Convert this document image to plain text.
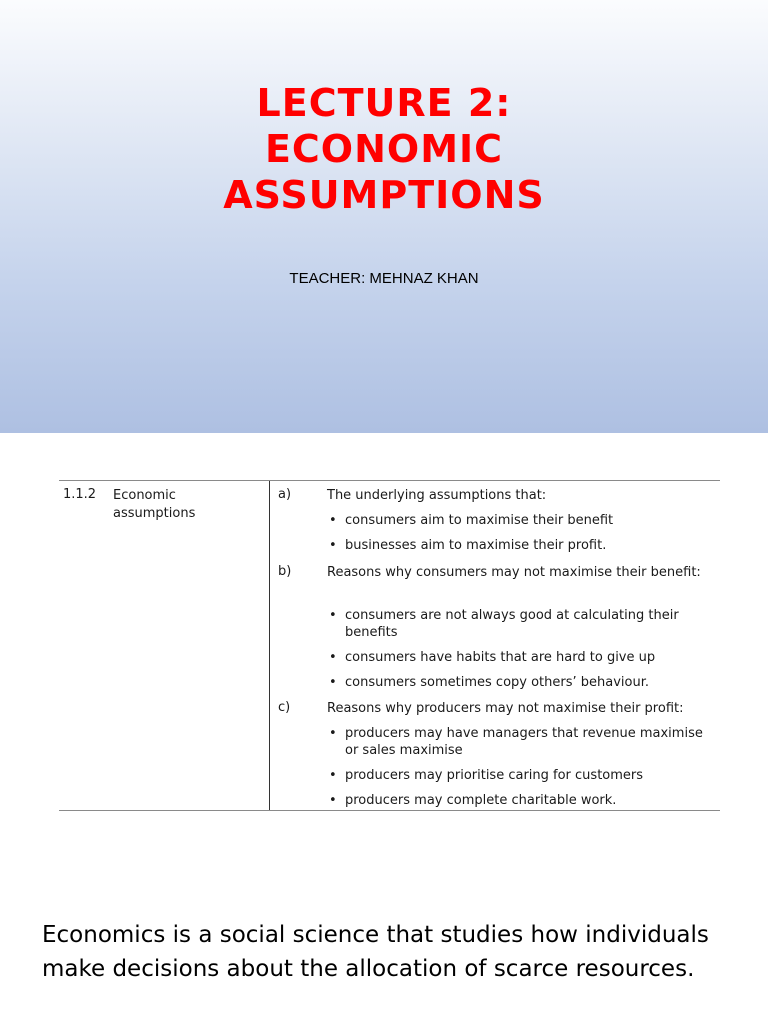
LECTURE 2:
ECONOMIC
ASSUMPTIONS
TEACHER: MEHNAZ KHAN
1.1.2 Economic assumptions
a)	The underlying assumptions that:
• consumers aim to maximise their benefit
• businesses aim to maximise their profit.
b)	Reasons why consumers may not maximise their benefit:
• consumers are not always good at calculating their benefits
• consumers have habits that are hard to give up
• consumers sometimes copy others’ behaviour.
c)	Reasons why producers may not maximise their profit:
• producers may have managers that revenue maximise or sales maximise
• producers may prioritise caring for customers
• producers may complete charitable work.

Economics is a social science that studies how individuals make decisions about the allocation of scarce resources.
